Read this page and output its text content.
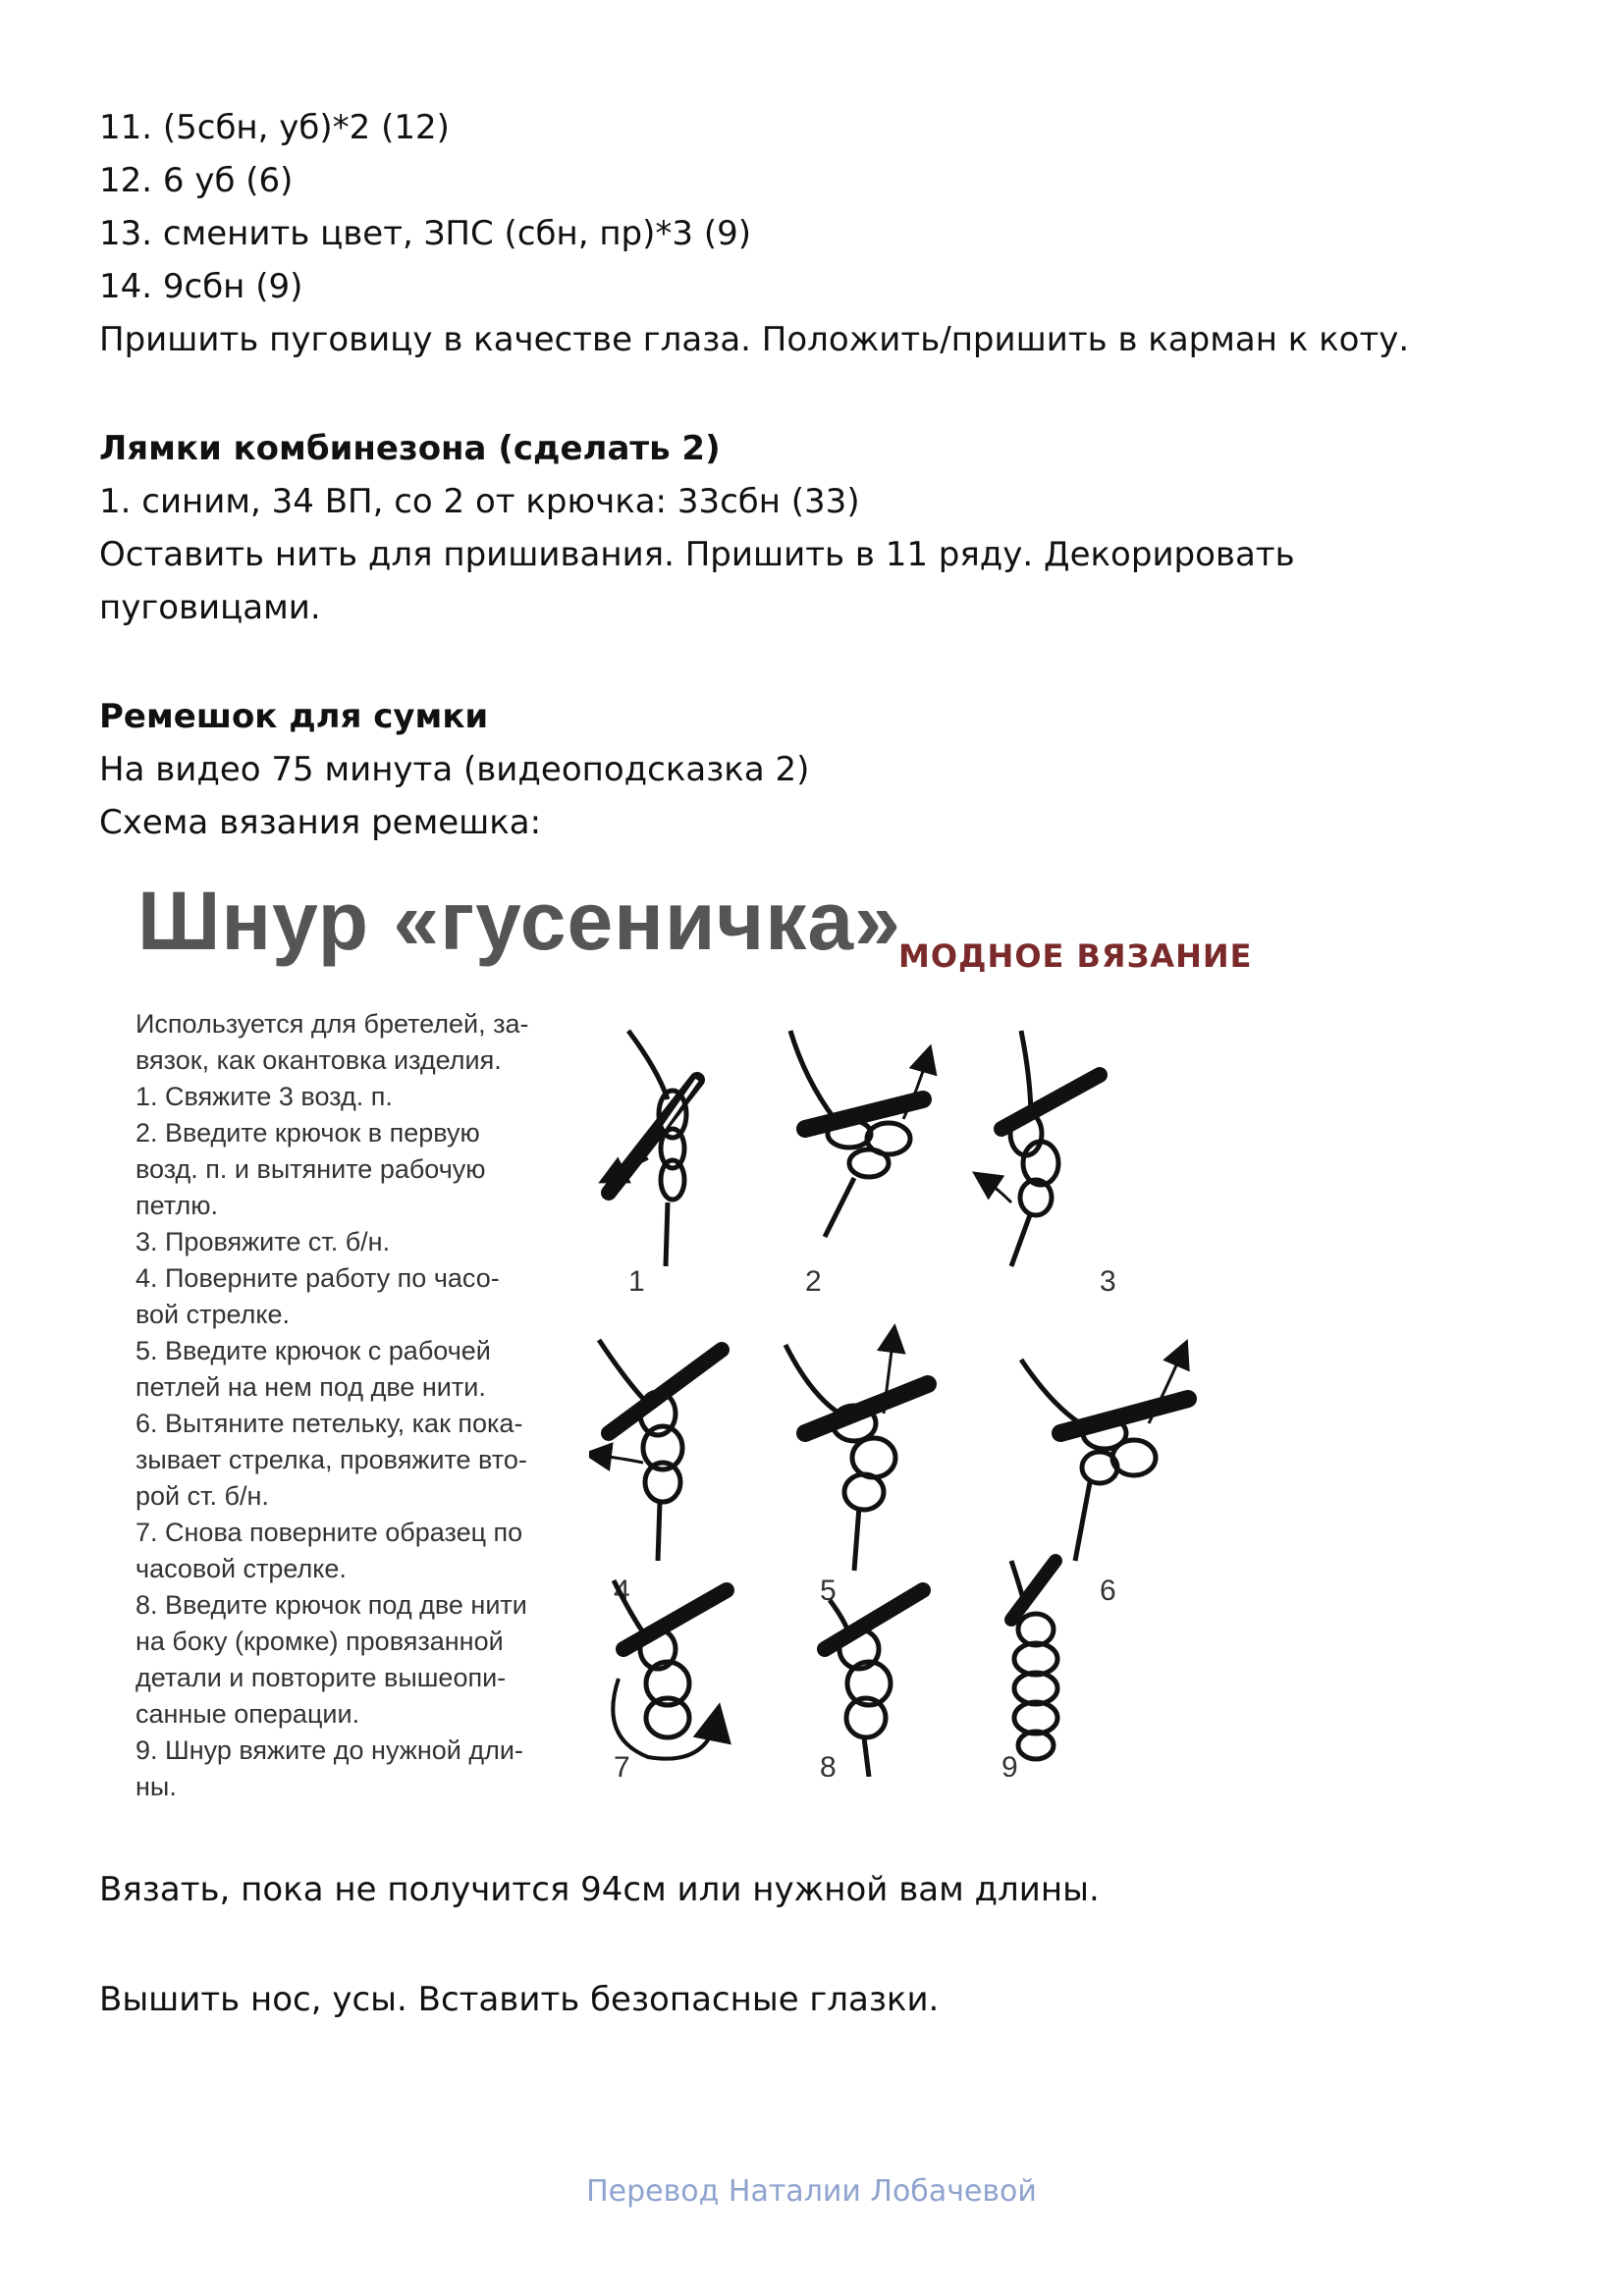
11. (5сбн, уб)*2 (12)
12. 6 уб (6)
13. сменить цвет, ЗПС (сбн, пр)*3 (9)
14. 9сбн (9)
Пришить пуговицу в качестве глаза. Положить/пришить в карман к коту.
Лямки комбинезона (сделать 2)
1. синим, 34 ВП, со 2 от крючка: 33сбн (33)
Оставить нить для пришивания. Пришить в 11 ряду. Декорировать
пуговицами.
Ремешок для сумки
На видео 75 минута (видеоподсказка 2)
Схема вязания ремешка:
Шнур «гусеничка»
МОДНОЕ ВЯЗАНИЕ
Используется для бретелей, за-
вязок, как окантовка изделия.
1. Свяжите 3 возд. п.
2. Введите крючок в первую
возд. п. и вытяните рабочую
петлю.
3. Провяжите ст. б/н.
4. Поверните работу по часо-
вой стрелке.
5. Введите крючок с рабочей
петлей на нем под две нити.
6. Вытяните петельку, как пока-
зывает стрелка, провяжите вто-
рой ст. б/н.
7. Снова поверните образец по
часовой стрелке.
8. Введите крючок под две нити
на боку (кромке) провязанной
детали и повторите вышеопи-
санные операции.
9. Шнур вяжите до нужной дли-
ны.
1	2	3
4	5	6
7	8	9
Вязать, пока не получится 94см или нужной вам длины.
Вышить нос, усы. Вставить безопасные глазки.
Перевод Наталии Лобачевой
